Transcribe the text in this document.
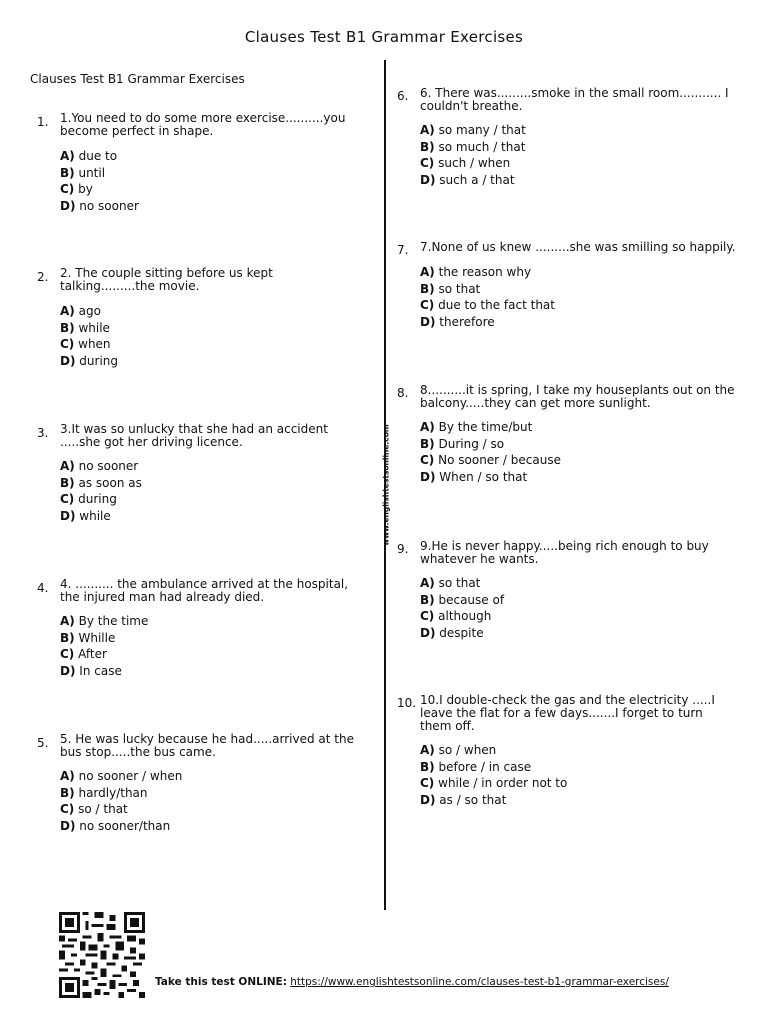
Clauses Test B1 Grammar Exercises
Clauses Test B1 Grammar Exercises
www.englishtestsonline.com
1. 1.You need to do some more exercise..........you become perfect in shape.
A) due to
B) until
C) by
D) no sooner
2. 2. The couple sitting before us kept talking.........the movie.
A) ago
B) while
C) when
D) during
3. 3.It was so unlucky that she had an accident .....she got her driving licence.
A) no sooner
B) as soon as
C) during
D) while
4. 4. .......... the ambulance arrived at the hospital, the injured man had already died.
A) By the time
B) Whille
C) After
D) In case
5. 5. He was lucky because he had.....arrived at the bus stop.....the bus came.
A) no sooner / when
B) hardly/than
C) so / that
D) no sooner/than
6. 6. There was.........smoke in the small room........... I couldn't breathe.
A) so many / that
B) so much / that
C) such / when
D) such a / that
7. 7.None of us knew .........she was smilling so happily.
A) the reason why
B) so that
C) due to the fact that
D) therefore
8. 8..........it is spring, I take my houseplants out on the balcony.....they can get more sunlight.
A) By the time/but
B) During / so
C) No sooner / because
D) When / so that
9. 9.He is never happy.....being rich enough to buy whatever he wants.
A) so that
B) because of
C) although
D) despite
10. 10.I double-check the gas and the electricity .....I leave the flat for a few days.......I forget to turn them off.
A) so / when
B) before / in case
C) while / in order not to
D) as / so that
Take this test ONLINE: https://www.englishtestsonline.com/clauses-test-b1-grammar-exercises/
